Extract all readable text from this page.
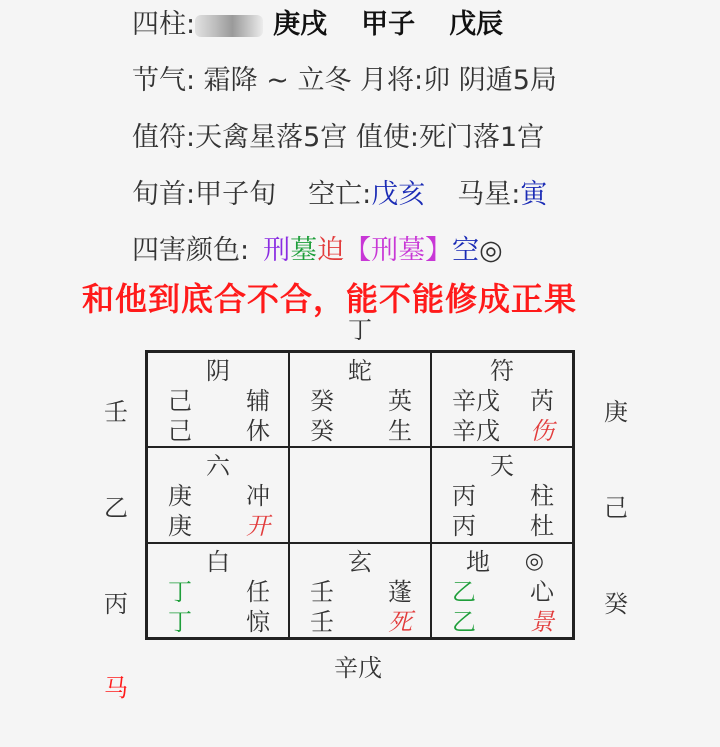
四柱:	庚戌 甲子 戊辰
节气: 霜降 ~ 立冬 月将:卯 阴遁5局
值符:天禽星落5宫 值使:死门落1宫
旬首:甲子旬 空亡:戊亥 马星:寅
四害颜色: 刑墓迫【刑墓】空◎
和他到底合不合，能不能修成正果
丁
辛戊
壬
乙
丙
庚
己
癸
马
阴
己 辅
己 休
蛇
癸 英
癸 生
符
辛戊 芮
辛戊 伤
六
庚 冲
庚 开
天
丙 柱
丙 杜
白
丁 任
丁 惊
玄
壬 蓬
壬 死
地 ◎
乙 心
乙 景
